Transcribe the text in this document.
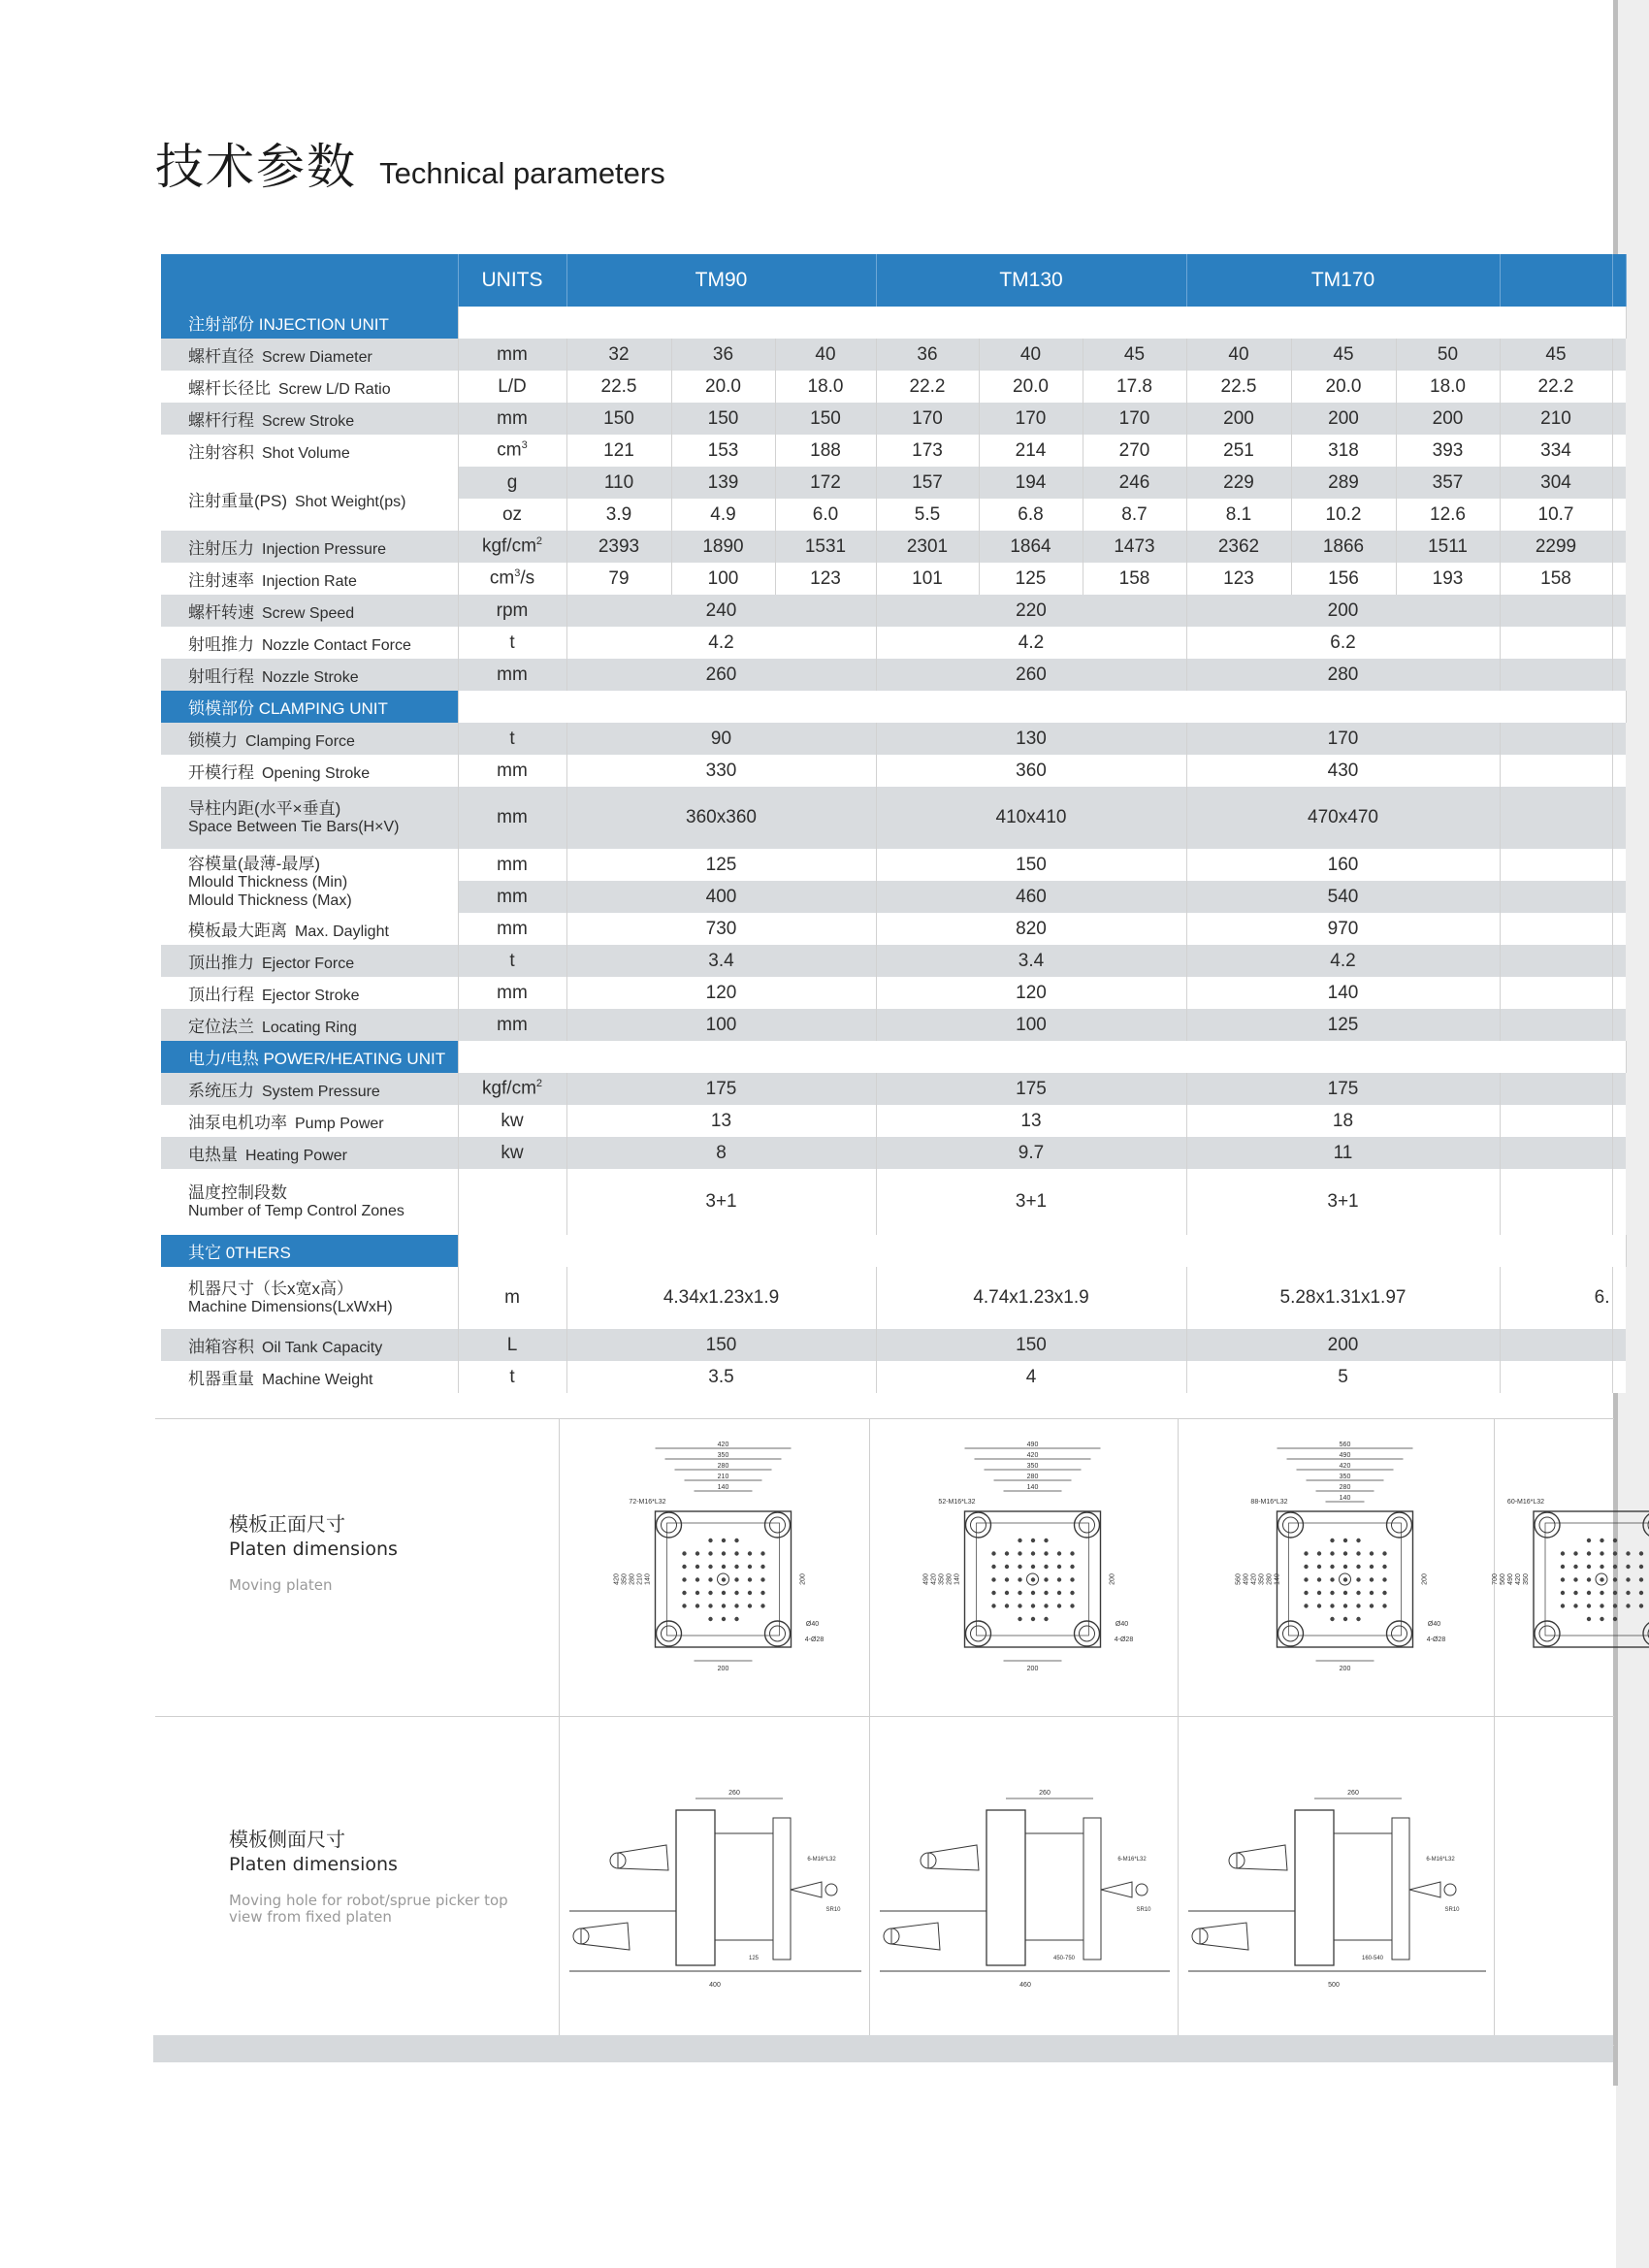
技术参数 Technical parameters
	UNITS	TM90			TM130			TM170				
注射部份 INJECTION UNIT												
螺杆直径 Screw Diameter	mm	32	36	40	36	40	45	40	45	50	45	
螺杆长径比 Screw L/D Ratio	L/D	22.5	20.0	18.0	22.2	20.0	17.8	22.5	20.0	18.0	22.2	
螺杆行程 Screw Stroke	mm	150	150	150	170	170	170	200	200	200	210	
注射容积 Shot Volume	$cm^3$	121	153	188	173	214	270	251	318	393	334	
注射重量(PS) Shot Weight(ps)	g	110	139	172	157	194	246	229	289	357	304	
	oz	3.9	4.9	6.0	5.5	6.8	8.7	8.1	10.2	12.6	10.7	
注射压力 Injection Pressure	kgf/$cm^2$	2393	1890	1531	2301	1864	1473	2362	1866	1511	2299	
注射速率 Injection Rate	$cm^3/s$	79	100	123	101	125	158	123	156	193	158	
螺杆转速 Screw Speed	rpm	240			220			200				
射咀推力 Nozzle Contact Force	t	4.2			4.2			6.2				
射咀行程 Nozzle Stroke	mm	260			260			280				
锁模部份 CLAMPING UNIT												
锁模力 Clamping Force	t	90			130			170				
开模行程 Opening Stroke	mm	330			360			430				
导柱内距(水平×垂直)
Space Between Tie Bars(H×V)	mm	360x360			410x410			470x470				
容模量(最薄-最厚)
Mlould Thickness (Min)
Mlould Thickness (Max)	mm	125			150			160				
	mm	400			460			540				
模板最大距离 Max. Daylight	mm	730			820			970				
顶出推力 Ejector Force	t	3.4			3.4			4.2				
顶出行程 Ejector Stroke	mm	120			120			140				
定位法兰 Locating Ring	mm	100			100			125				
电力/电热 POWER/HEATING UNIT												
系统压力 System Pressure	kgf/$cm^2$	175			175			175				
油泵电机功率 Pump Power	kw	13			13			18				
电热量 Heating Power	kw	8			9.7			11				
温度控制段数
Number of Temp Control Zones		3+1			3+1			3+1				
其它 0THERS												
机器尺寸（长x宽x高）
Machine Dimensions(LxWxH)	m	4.34x1.23x1.9			4.74x1.23x1.9			5.28x1.31x1.97			6.	
油箱容积 Oil Tank Capacity	L	150			150			200				
机器重量 Machine Weight	t	3.5			4			5				
模板正面尺寸
Platen dimensions
Moving platen
420
350
280
210
140
420 350 280 210 140
72-M16*L32
200
Ø40
4-Ø28
200
490
420
350
280
140
490 420 350 280 140
52-M16*L32
200
Ø40
4-Ø28
200
560
490
420
350
280
140
560 490 420 350 280 140
88-M16*L32
200
Ø40
4-Ø28
200
700 560 490 420 350
60-M16*L32
模板侧面尺寸
Platen dimensions
Moving hole for robot/sprue picker top view from fixed platen
260
6-M16*L32
SR10
400
125
260
6-M16*L32
SR10
460
450-750
260
6-M16*L32
SR10
500
160-540
